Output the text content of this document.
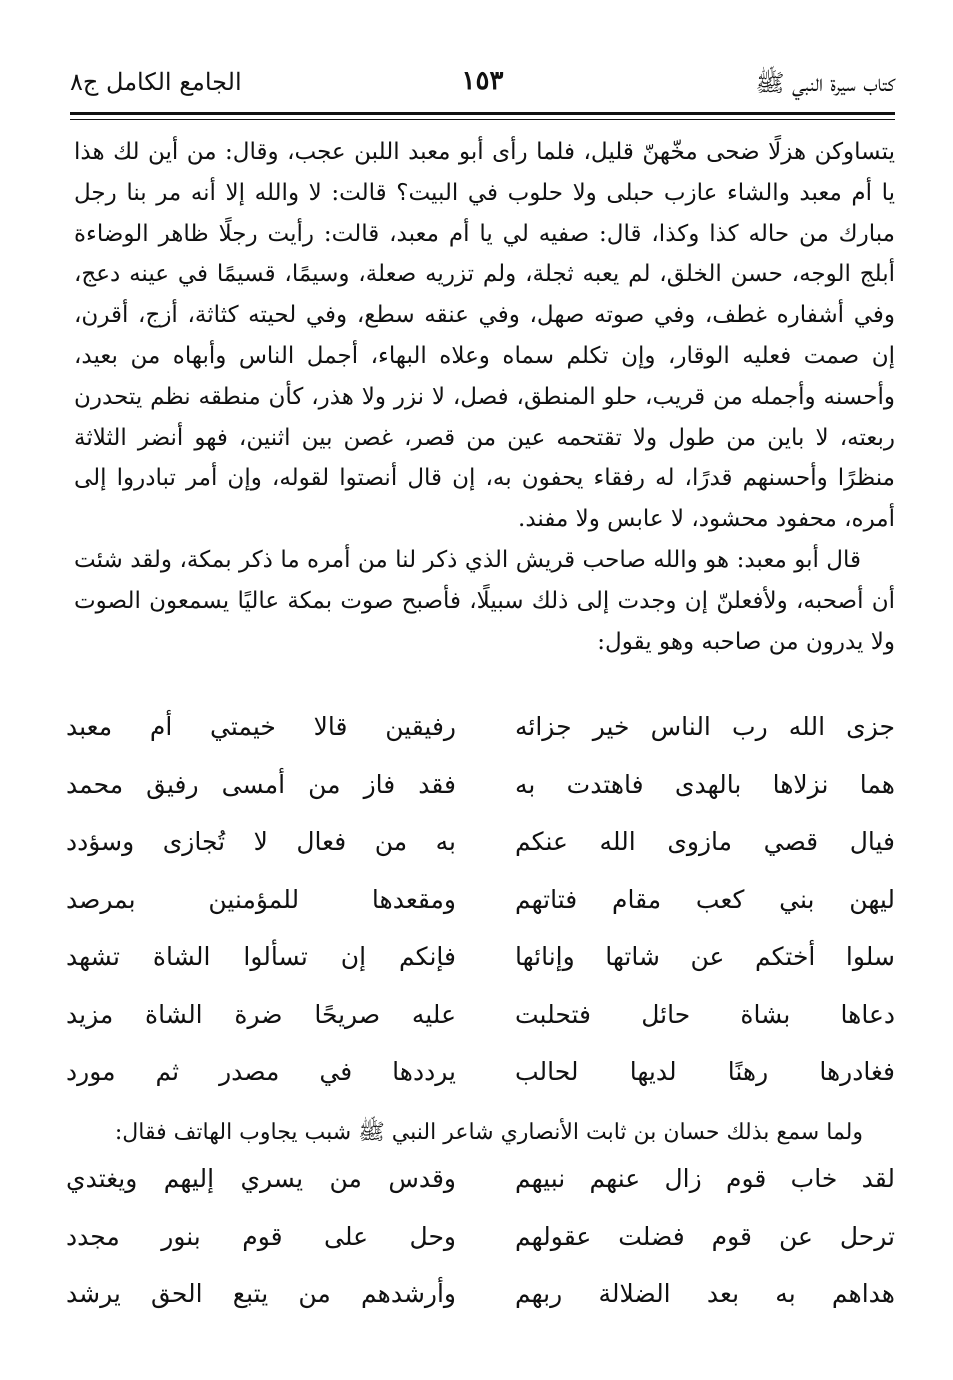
كتاب سيرة النبي ﷺ
١٥٣
الجامع الكامل ج٨

يتساوكن هزلًا ضحى مخّهنّ قليل، فلما رأى أبو معبد اللبن عجب، وقال: من أين لك هذا يا أم معبد والشاء عازب حبلى ولا حلوب في البيت؟ قالت: لا والله إلا أنه مر بنا رجل مبارك من حاله كذا وكذا، قال: صفيه لي يا أم معبد، قالت: رأيت رجلًا ظاهر الوضاءة أبلج الوجه، حسن الخلق، لم يعبه ثجلة، ولم تزريه صعلة، وسيمًا، قسيمًا في عينه دعج، وفي أشفاره غطف، وفي صوته صهل، وفي عنقه سطع، وفي لحيته كثاثة، أزج، أقرن، إن صمت فعليه الوقار، وإن تكلم سماه وعلاه البهاء، أجمل الناس وأبهاه من بعيد، وأحسنه وأجمله من قريب، حلو المنطق، فصل، لا نزر ولا هذر، كأن منطقه نظم يتحدرن ربعته، لا باين من طول ولا تقتحمه عين من قصر، غصن بين اثنين، فهو أنضر الثلاثة منظرًا وأحسنهم قدرًا، له رفقاء يحفون به، إن قال أنصتوا لقوله، وإن أمر تبادروا إلى أمره، محفود محشود، لا عابس ولا مفند.

قال أبو معبد: هو والله صاحب قريش الذي ذكر لنا من أمره ما ذكر بمكة، ولقد شئت أن أصحبه، ولأفعلنّ إن وجدت إلى ذلك سبيلًا، فأصبح صوت بمكة عاليًا يسمعون الصوت ولا يدرون من صاحبه وهو يقول:

جزى الله رب الناس خير جزائه
رفيقين قالا خيمتي أم معبد
هما نزلاها بالهدى فاهتدت به
فقد فاز من أمسى رفيق محمد
فيال قصي مازوى الله عنكم
به من فعال لا تُجازى وسؤدد
ليهن بني كعب مقام فتاتهم
ومقعدها للمؤمنين بمرصد
سلوا أختكم عن شاتها وإنائها
فإنكم إن تسألوا الشاة تشهد
دعاها بشاة حائل فتحلبت
عليه صريحًا ضرة الشاة مزيد
فغادرها رهنًا لديها لحالب
يرددها في مصدر ثم مورد
ولما سمع بذلك حسان بن ثابت الأنصاري شاعر النبي ﷺ شبب يجاوب الهاتف فقال:
لقد خاب قوم زال عنهم نبيهم
وقدس من يسري إليهم ويغتدي
ترحل عن قوم فضلت عقولهم
وحل على قوم بنور مجدد
هداهم به بعد الضلالة ربهم
وأرشدهم من يتبع الحق يرشد
